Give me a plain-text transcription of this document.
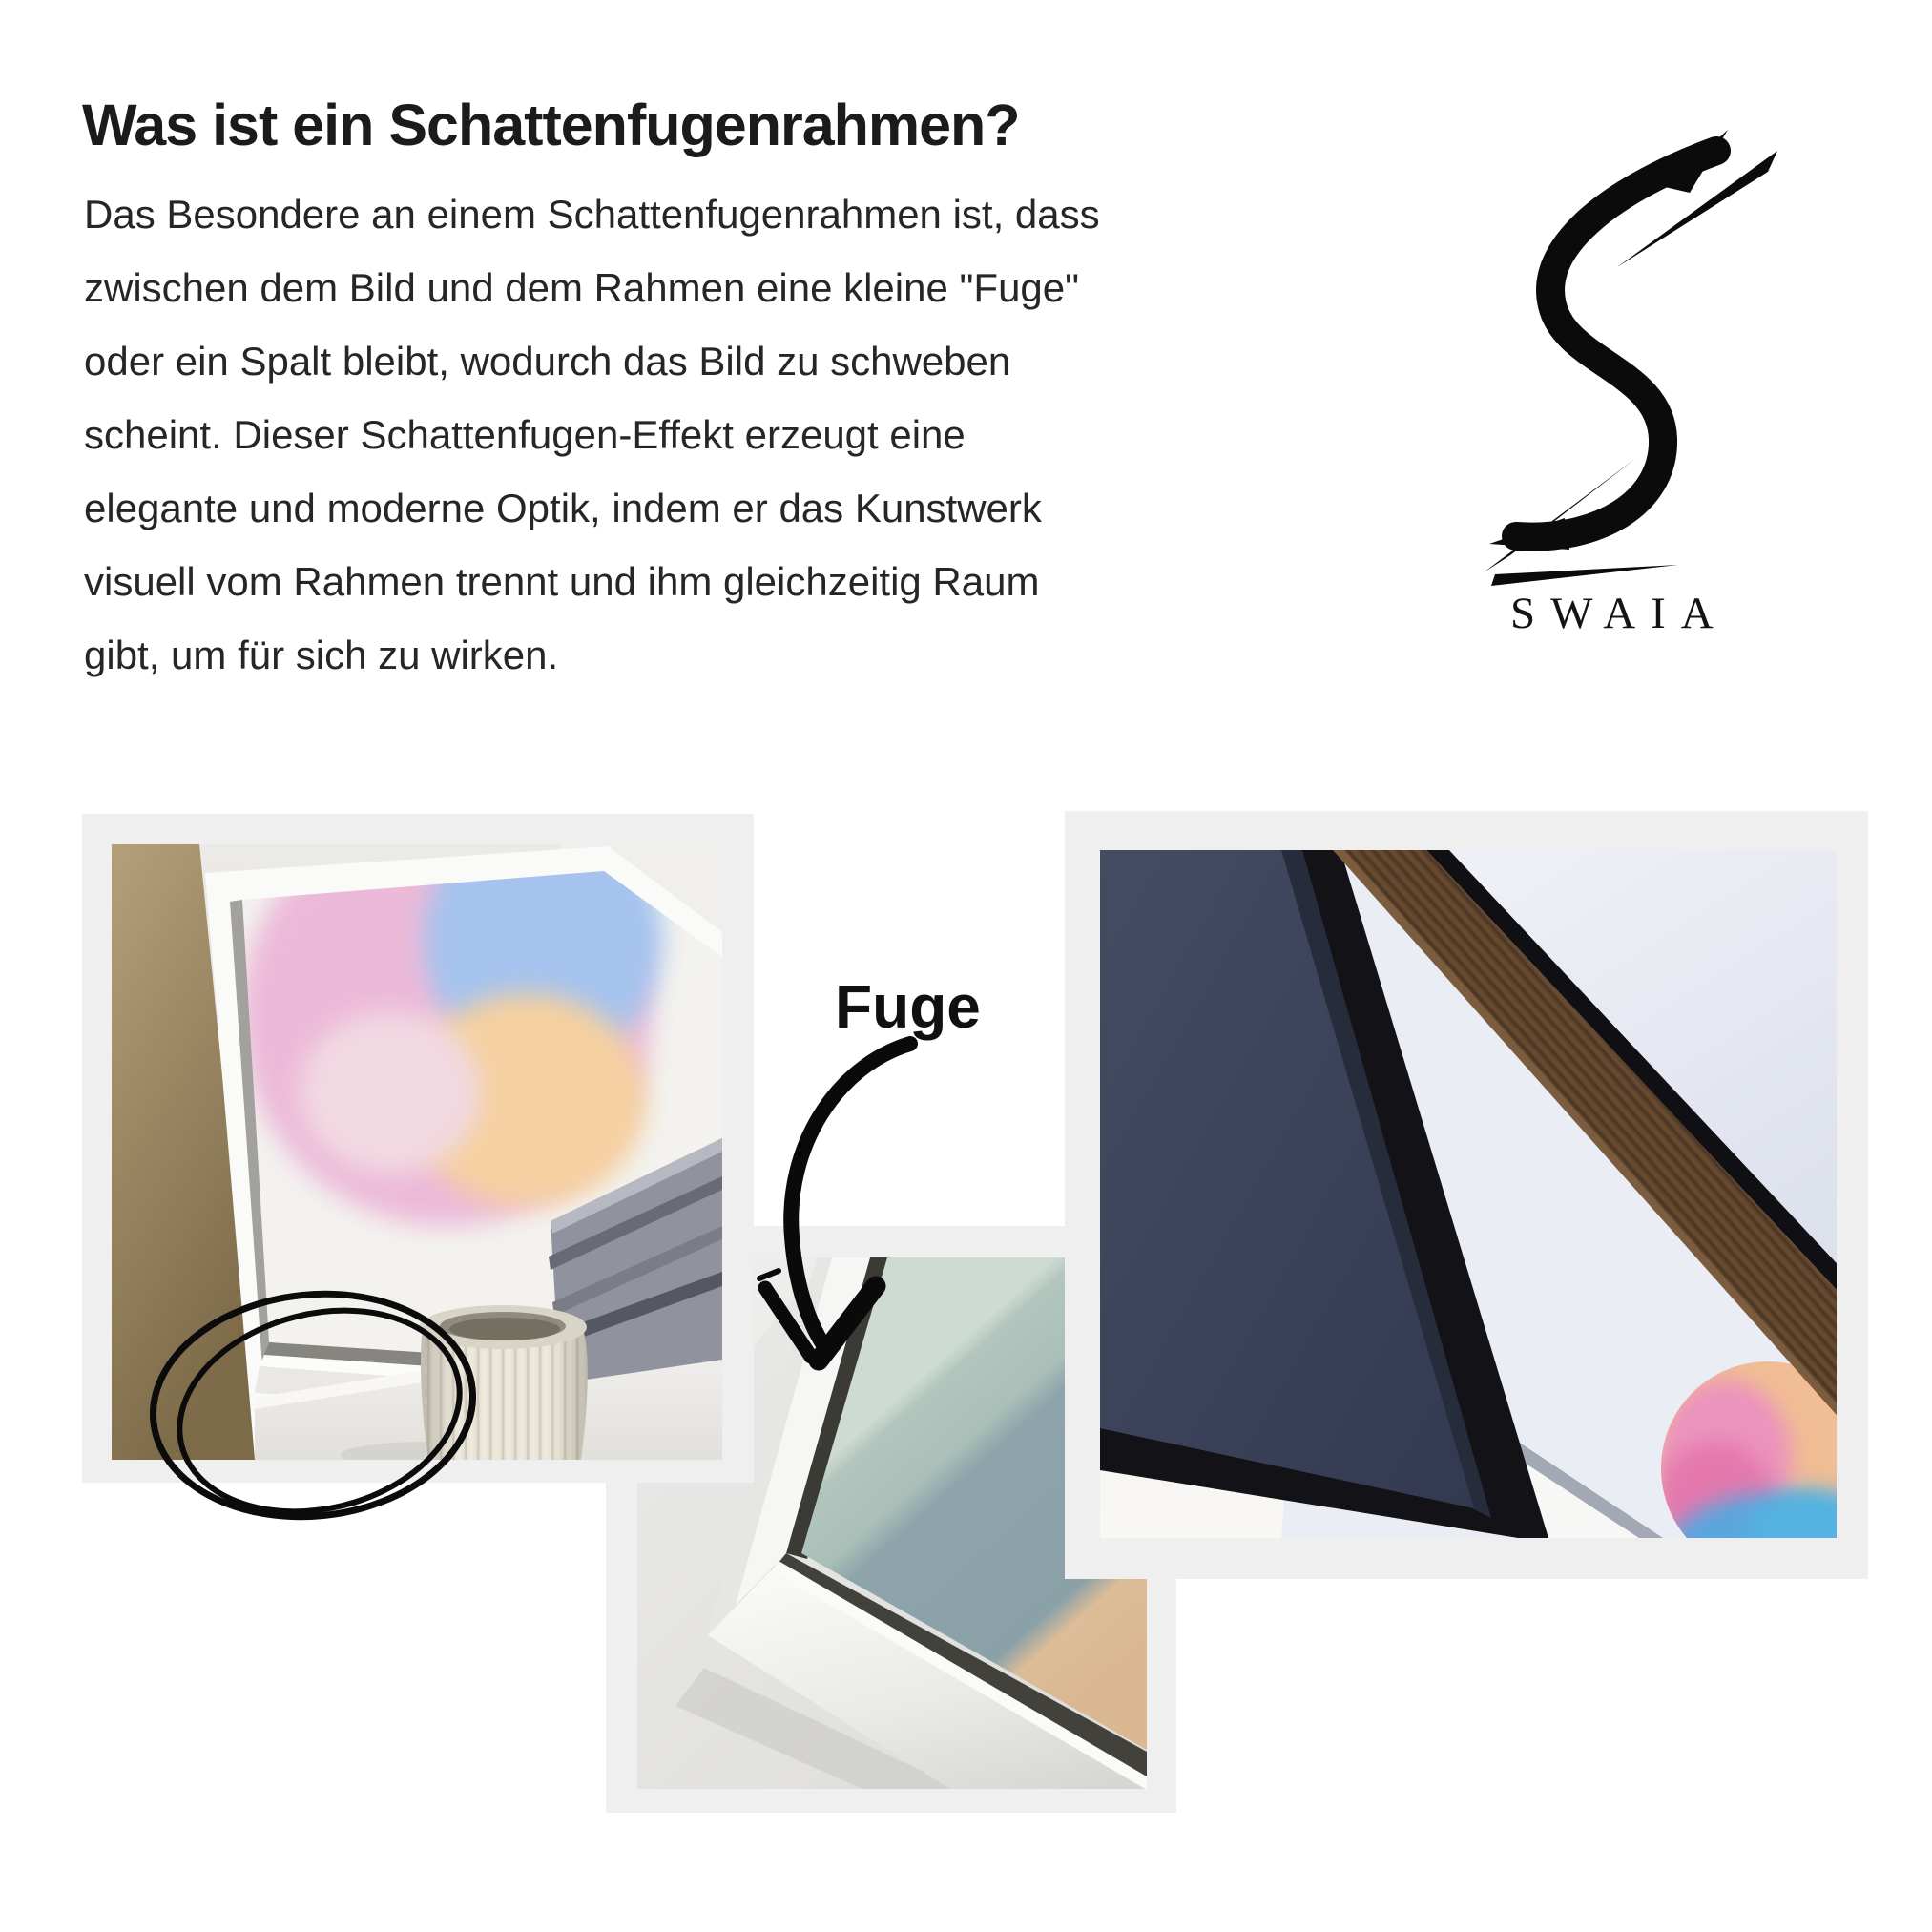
Was ist ein Schattenfugenrahmen?
Das Besondere an einem Schattenfugenrahmen ist, dass
zwischen dem Bild und dem Rahmen eine kleine "Fuge"
oder ein Spalt bleibt, wodurch das Bild zu schweben
scheint. Dieser Schattenfugen-Effekt erzeugt eine
elegante und moderne Optik, indem er das Kunstwerk
visuell vom Rahmen trennt und ihm gleichzeitig Raum
gibt, um für sich zu wirken.
SWAIA
Fuge
